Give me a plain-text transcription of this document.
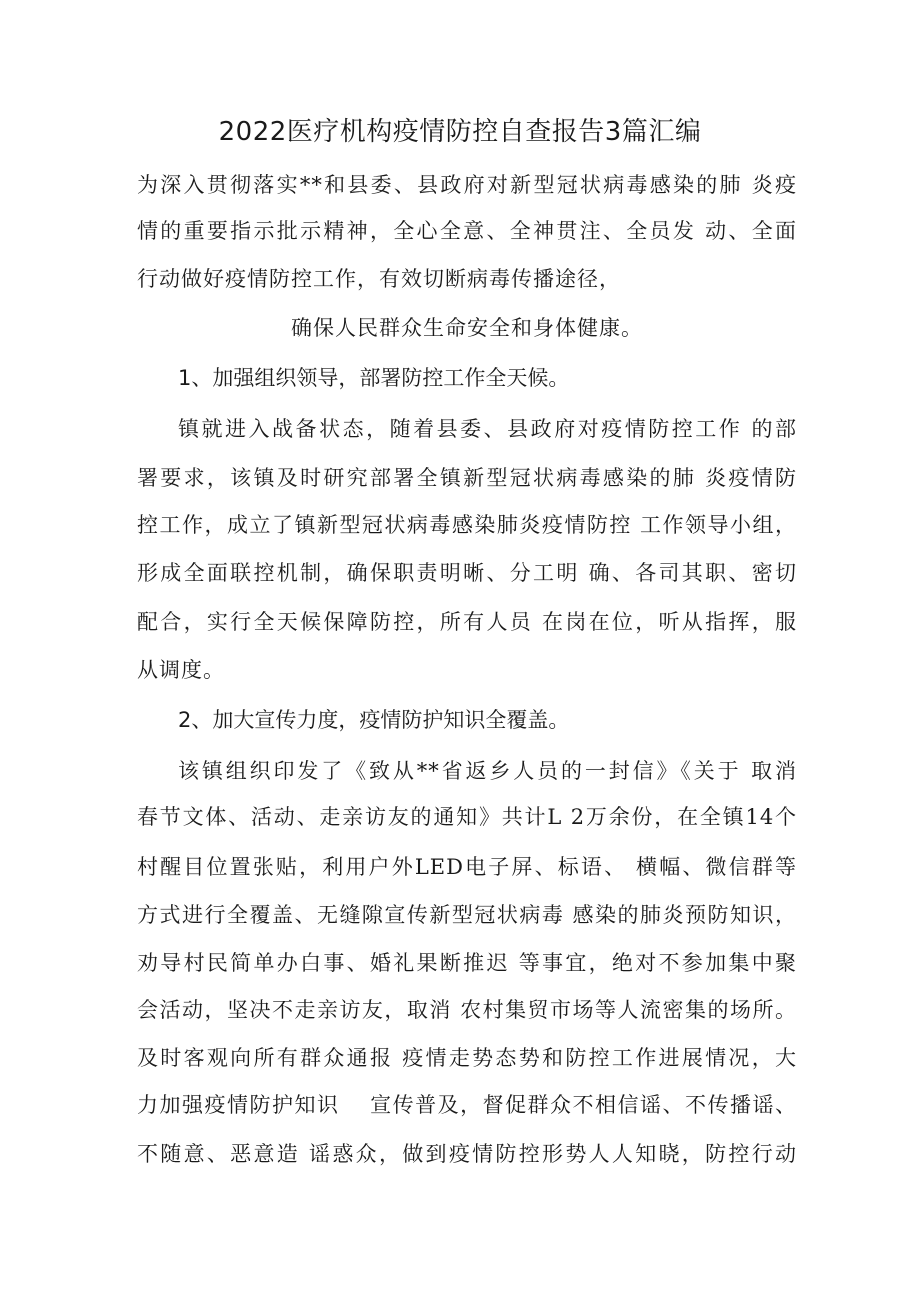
2022医疗机构疫情防控自查报告3篇汇编
为深入贯彻落实**和县委、县政府对新型冠状病毒感染的肺 炎疫
情的重要指示批示精神，全心全意、全神贯注、全员发 动、全面
行动做好疫情防控工作，有效切断病毒传播途径，
确保人民群众生命安全和身体健康。
1、加强组织领导，部署防控工作全天候。
镇就进入战备状态，随着县委、县政府对疫情防控工作 的部
署要求，该镇及时研究部署全镇新型冠状病毒感染的肺 炎疫情防
控工作，成立了镇新型冠状病毒感染肺炎疫情防控 工作领导小组，
形成全面联控机制，确保职责明晰、分工明 确、各司其职、密切
配合，实行全天候保障防控，所有人员 在岗在位，听从指挥，服
从调度。
2、加大宣传力度，疫情防护知识全覆盖。
该镇组织印发了《致从**省返乡人员的一封信》《关于 取消
春节文体、活动、走亲访友的通知》共计L 2万余份，在全镇14个
村醒目位置张贴，利用户外LED电子屏、标语、 横幅、微信群等
方式进行全覆盖、无缝隙宣传新型冠状病毒 感染的肺炎预防知识，
劝导村民简单办白事、婚礼果断推迟 等事宜，绝对不参加集中聚
会活动，坚决不走亲访友，取消 农村集贸市场等人流密集的场所。
及时客观向所有群众通报 疫情走势态势和防控工作进展情况，大
力加强疫情防护知识　 宣传普及，督促群众不相信谣、不传播谣、
不随意、恶意造 谣惑众，做到疫情防控形势人人知晓，防控行动
